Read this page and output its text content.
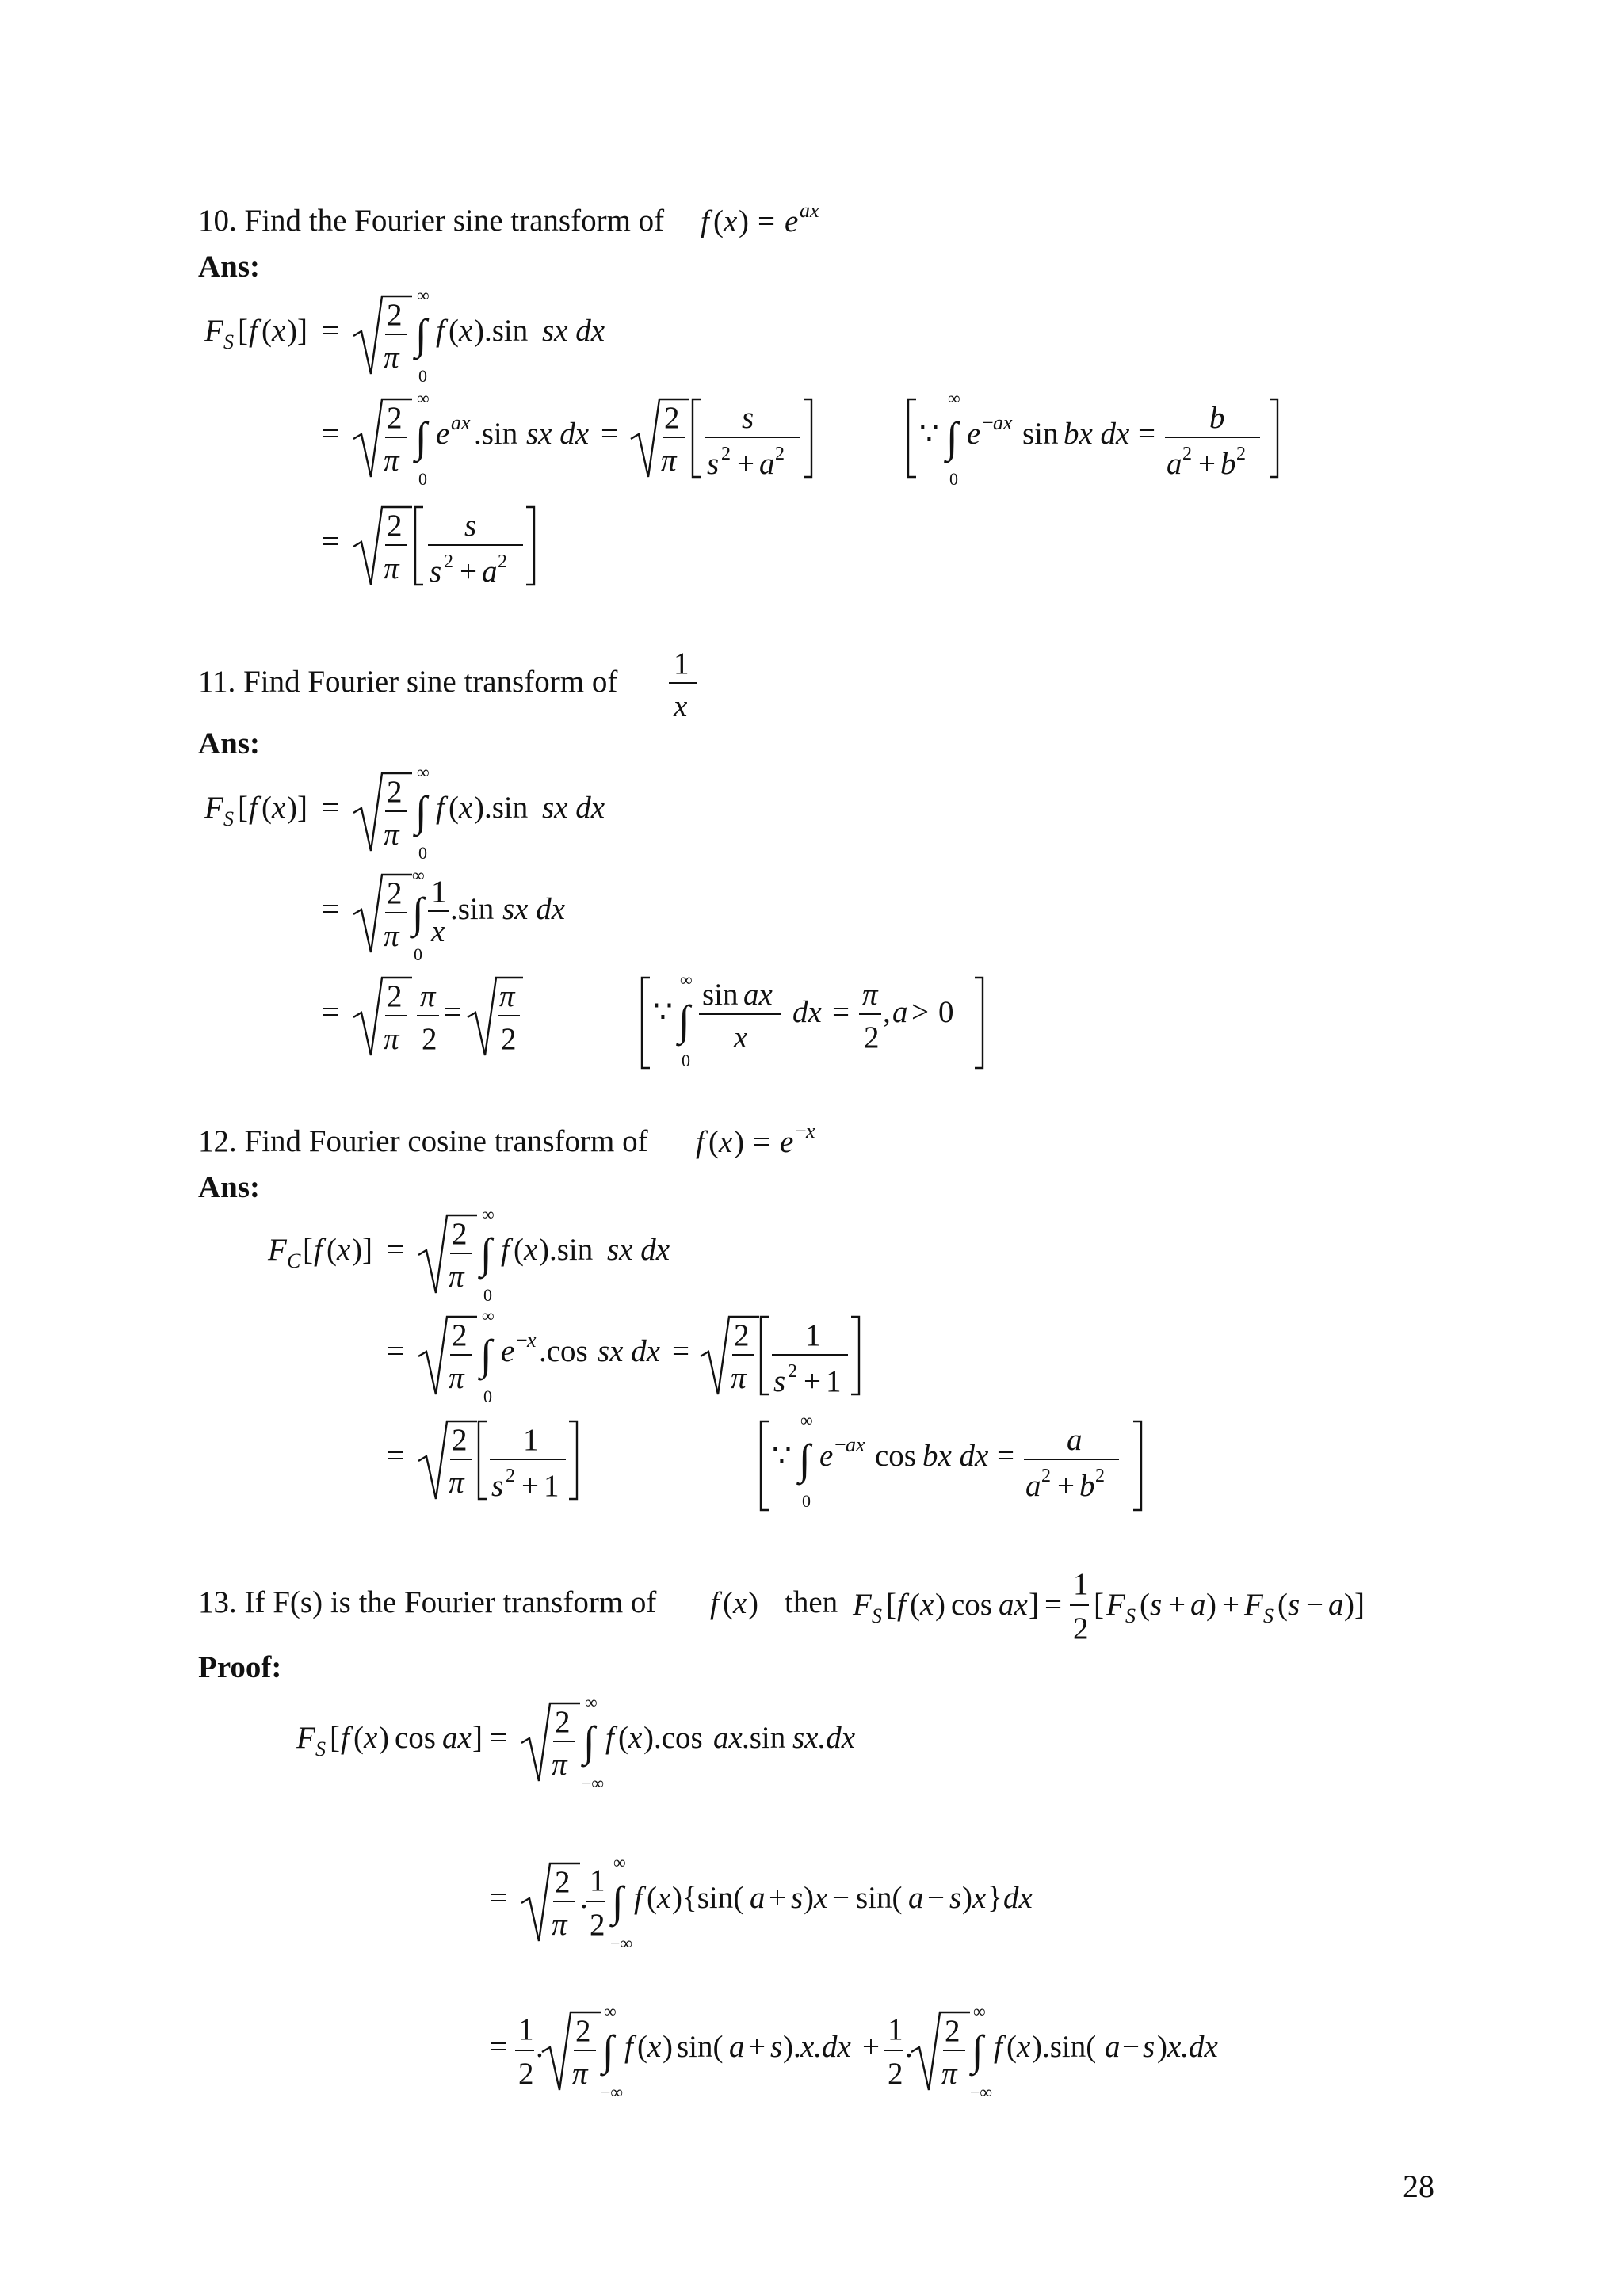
10. Find the Fourier sine transform of f ( x ) = e ax
Ans:
F S [ f ( x )] = 2
π ∫
∞
0
f ( x ).sin sx dx
= 2
π ∫
∞
0
e ax .sin sx dx = 2
π
s
s 2 + a 2
∵ ∫
∞
0
e − ax sin bx dx = b
a 2 + b 2
= 2
π
s
s 2 + a 2
11. Find Fourier sine transform of
1
x
Ans:
F S [ f ( x )] = 2
π ∫
∞
0
f ( x ).sin sx dx
= 2
π ∫
∞
0
1
x
.sin sx dx
= 2
π
π
2
= π
2
∵ ∫
∞
0
sin ax
x
dx =
π
2
, a > 0
12. Find Fourier cosine transform of f ( x ) = e − x
Ans:
F C [ f ( x )] = 2
π ∫
∞
0
f ( x ).sin sx dx
= 2
π ∫
∞
0
e − x .cos sx dx = 2
π
1
s 2 + 1
= 2
π
1
s 2 + 1
∵ ∫
∞
0
e − ax cos bx dx = a
a 2 + b 2
13. If F(s) is the Fourier transform of f ( x ) then F S [ f ( x ) cos ax ] =
1
2
[ F S ( s + a ) + F S ( s − a )]
Proof:
F S [ f ( x ) cos ax ] = 2
π ∫
∞
−∞
f ( x ).cos ax .sin sx.dx
= 2
π
.
1
2 ∫
∞
−∞
f ( x ){sin( a + s ) x − sin( a − s ) x } dx
=
1
2
. 2
π ∫
∞
−∞
f ( x ) sin( a + s ). x.dx +
1
2
. 2
π ∫
∞
−∞
f ( x ).sin( a − s ) x.dx
28
